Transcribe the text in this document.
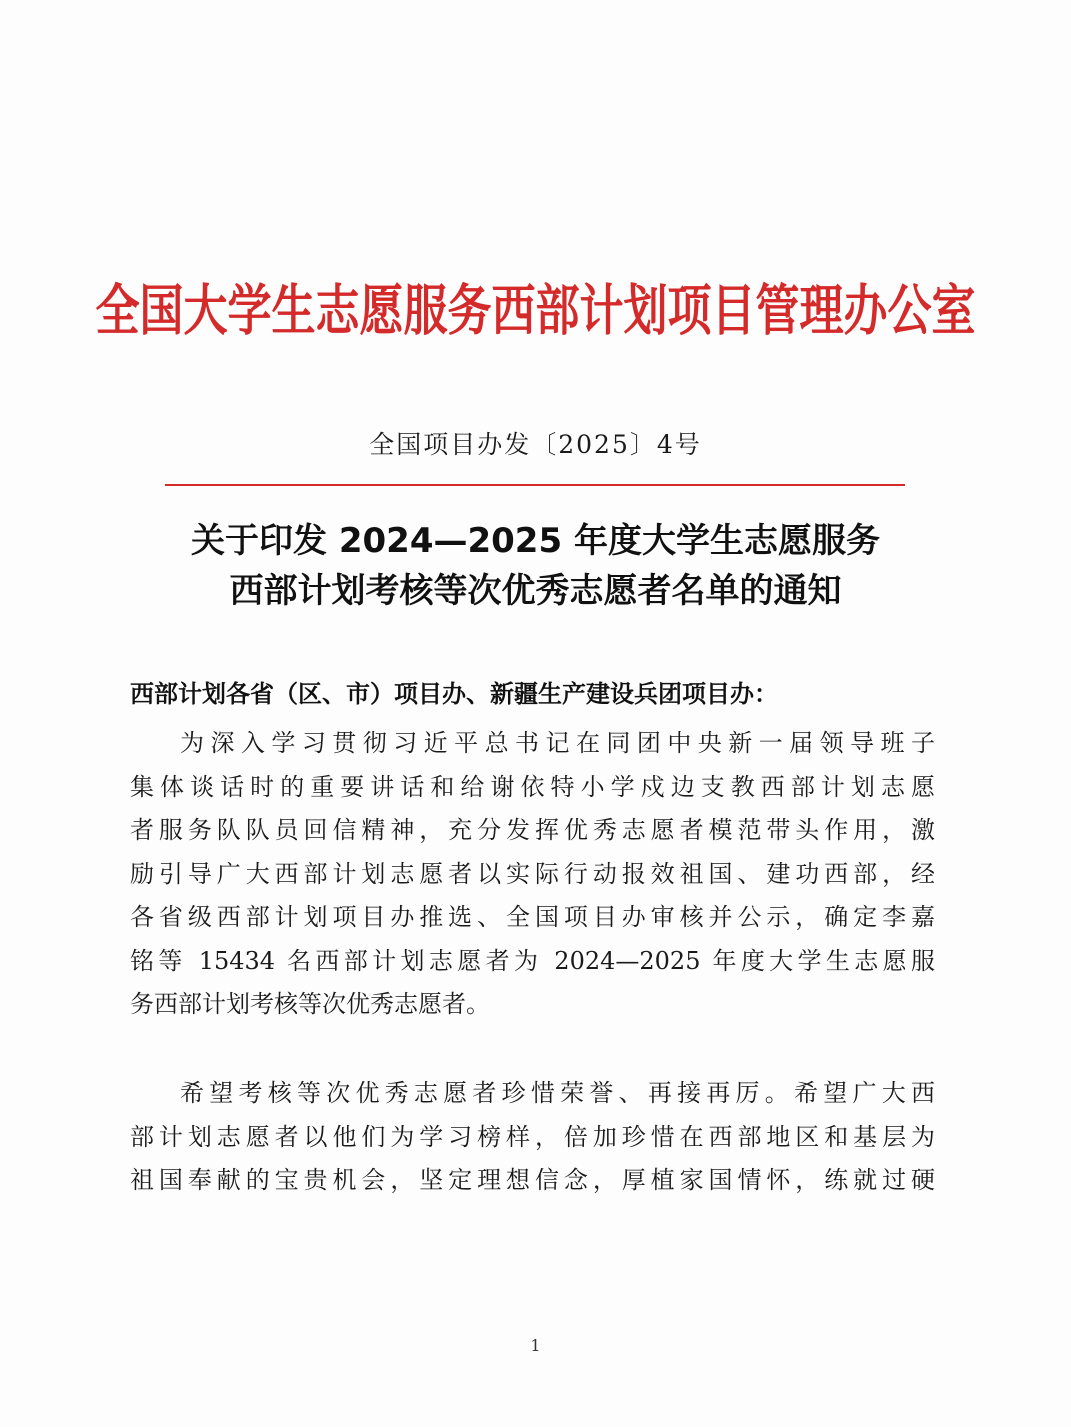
全国大学生志愿服务西部计划项目管理办公室
全国项目办发〔2025〕4号
关于印发 2024—2025 年度大学生志愿服务
西部计划考核等次优秀志愿者名单的通知
西部计划各省（区、市）项目办、新疆生产建设兵团项目办：
为深入学习贯彻习近平总书记在同团中央新一届领导班子
集体谈话时的重要讲话和给谢依特小学戍边支教西部计划志愿
者服务队队员回信精神，充分发挥优秀志愿者模范带头作用，激
励引导广大西部计划志愿者以实际行动报效祖国、建功西部，经
各省级西部计划项目办推选、全国项目办审核并公示，确定李嘉
铭等 15434 名西部计划志愿者为 2024—2025 年度大学生志愿服
务西部计划考核等次优秀志愿者。
希望考核等次优秀志愿者珍惜荣誉、再接再厉。希望广大西
部计划志愿者以他们为学习榜样，倍加珍惜在西部地区和基层为
祖国奉献的宝贵机会，坚定理想信念，厚植家国情怀，练就过硬
1
